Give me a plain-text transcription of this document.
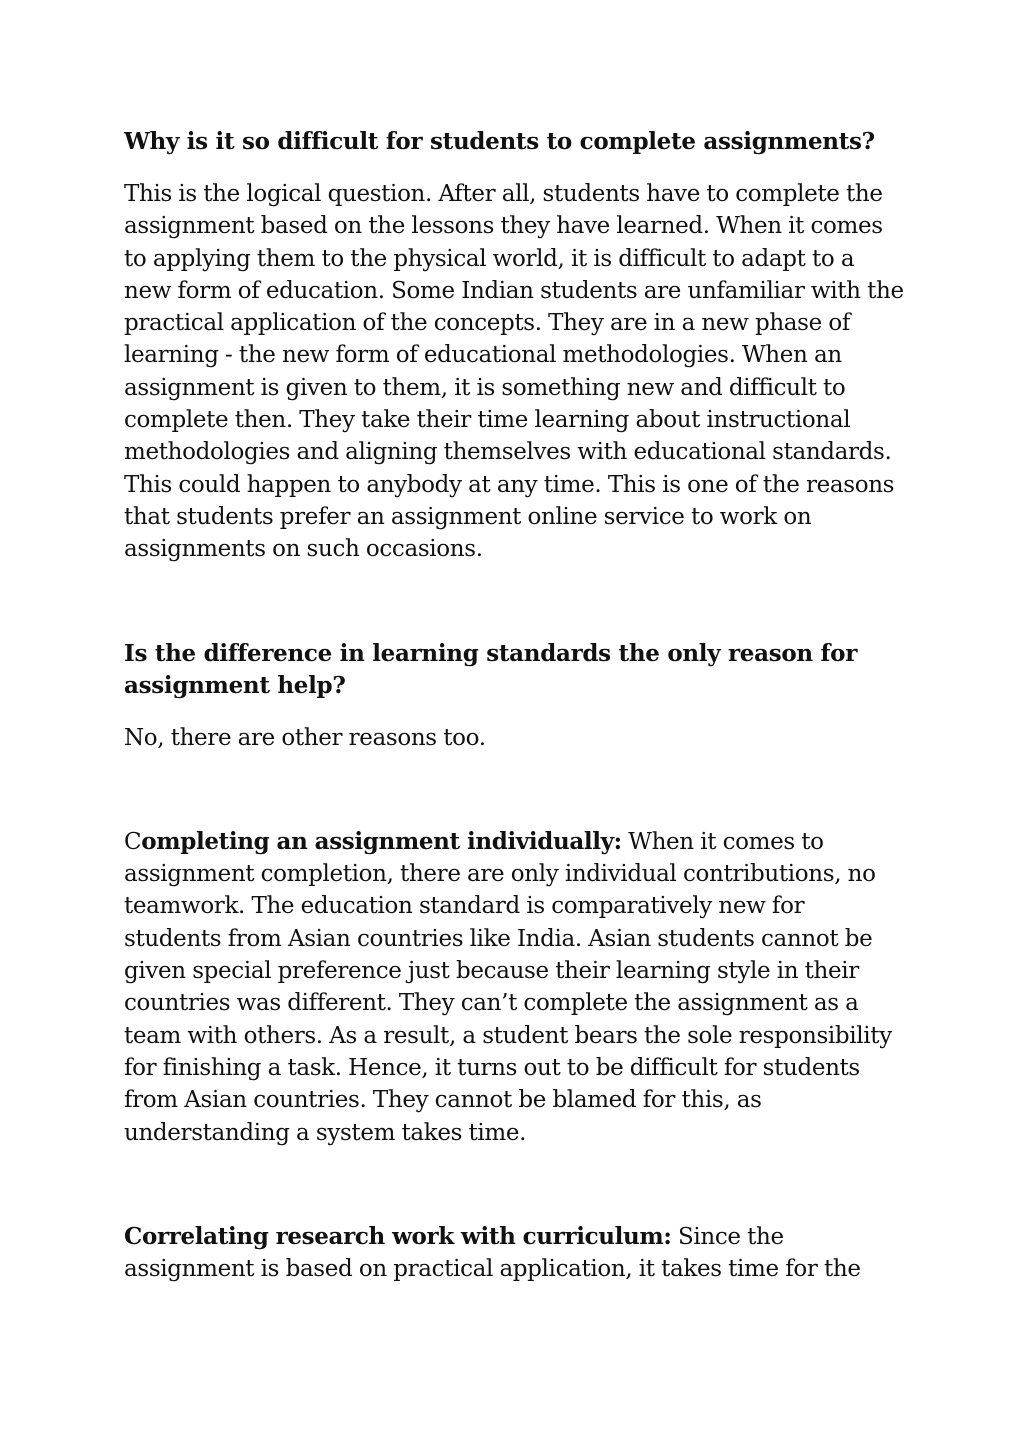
Why is it so difficult for students to complete assignments?

This is the logical question. After all, students have to complete the assignment based on the lessons they have learned. When it comes to applying them to the physical world, it is difficult to adapt to a new form of education. Some Indian students are unfamiliar with the practical application of the concepts. They are in a new phase of learning - the new form of educational methodologies. When an assignment is given to them, it is something new and difficult to complete then. They take their time learning about instructional methodologies and aligning themselves with educational standards. This could happen to anybody at any time. This is one of the reasons that students prefer an assignment online service to work on assignments on such occasions.

Is the difference in learning standards the only reason for assignment help?

No, there are other reasons too.

Completing an assignment individually: When it comes to assignment completion, there are only individual contributions, no teamwork. The education standard is comparatively new for students from Asian countries like India. Asian students cannot be given special preference just because their learning style in their countries was different. They can’t complete the assignment as a team with others. As a result, a student bears the sole responsibility for finishing a task. Hence, it turns out to be difficult for students from Asian countries. They cannot be blamed for this, as understanding a system takes time.

Correlating research work with curriculum: Since the assignment is based on practical application, it takes time for the
